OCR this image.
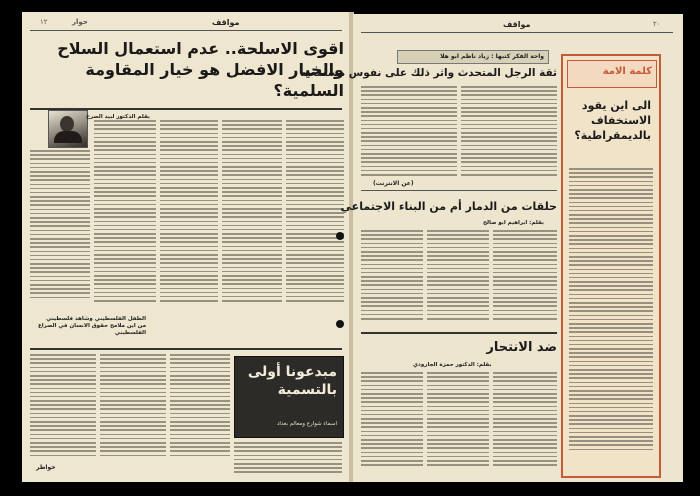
١٢	حوار	مواقف
اقوى الاسلحة.. عدم استعمال السلاح والخيار الافضل هو خيار المقاومة السلمية؟
بقلم الدكتور لبيد الصرخ
الطفل الفلسطيني وشاهد فلسطيني من اين ملامح حقوق الانسان في الصراع الفلسطيني
مبدعونا أولى بالتسمية
اسماء شوارع ومعالم بغداد
خواطر
مواقف	٢٠
واحة الفكر كتبها : زياد ناظم ابو هلا
ثقة الرجل المتحدث واثر ذلك على نفوس مستمعيه
(عن الانترنت)
حلقات من الدمار أم من البناء الاجتماعي
بقلم: ابراهيم ابو صالح
ضد الانتحار
بقلم: الدكتور حمزة الجارودي
كلمة الامة
الى اين يقود الاستخفاف بالديمقراطية؟
